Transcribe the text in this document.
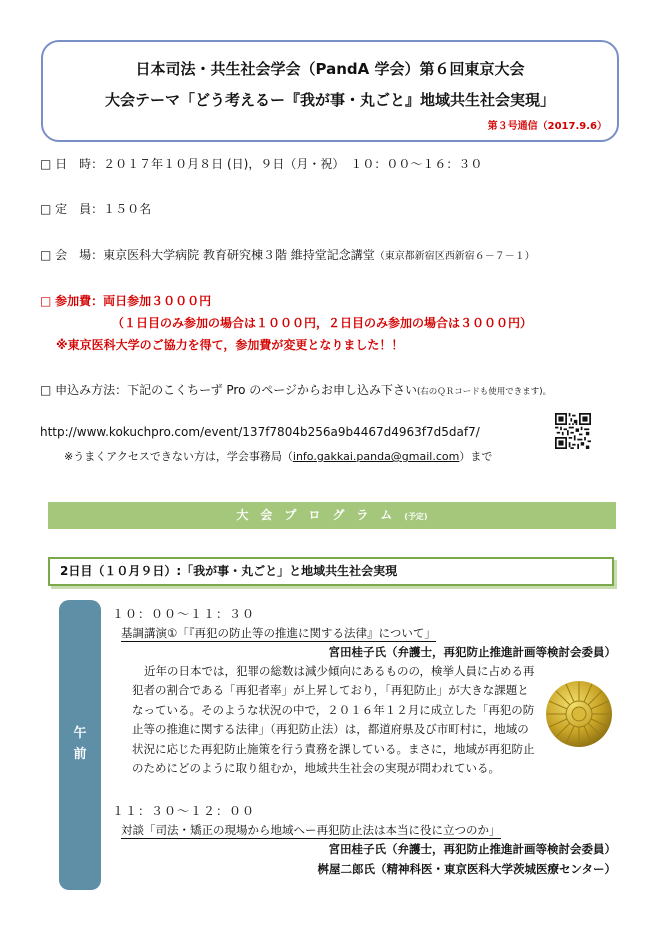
日本司法・共生社会学会（PandA 学会）第６回東京大会
大会テーマ「どう考えるー『我が事・丸ごと』地域共生社会実現」
第３号通信（2017.9.6）
□ 日　時：２０１７年１０月８日 (日)，９日（月・祝）　１０：００〜１６：３０
□ 定　員：１５０名
□ 会　場：東京医科大学病院 教育研究棟３階 維持堂記念講堂（東京都新宿区西新宿６－７－１）
□ 参加費：両日参加３０００円
（１日目のみ参加の場合は１０００円，２日目のみ参加の場合は３０００円）
※東京医科大学のご協力を得て，参加費が変更となりました！！
□ 申込み方法：下記のこくちーず Pro のページからお申し込み下さい(右のＱＲコードも使用できます)。
http://www.kokuchpro.com/event/137f7804b256a9b4467d4963f7d5daf7/
※うまくアクセスできない方は，学会事務局（info.gakkai.panda@gmail.com）まで
大会プログラム(予定)
2日目（１０月９日）:「我が事・丸ごと」と地域共生社会実現
午
前
１０：００〜１１：３０
基調講演①「『再犯の防止等の推進に関する法律』について」
宮田桂子氏（弁護士，再犯防止推進計画等検討会委員）

近年の日本では，犯罪の総数は減少傾向にあるものの，検挙人員に占める再

犯者の割合である「再犯者率」が上昇しており，「再犯防止」が大きな課題と

なっている。そのような状況の中で，２０１６年１２月に成立した「再犯の防

止等の推進に関する法律」（再犯防止法）は，都道府県及び市町村に，地域の

状況に応じた再犯防止施策を行う責務を課している。まさに，地域が再犯防止

のためにどのように取り組むか，地域共生社会の実現が問われている。

１１：３０〜１２：００
対談「司法・矯正の現場から地域へー再犯防止法は本当に役に立つのか」
宮田桂子氏（弁護士，再犯防止推進計画等検討会委員）
桝屋二郎氏（精神科医・東京医科大学茨城医療センター）
